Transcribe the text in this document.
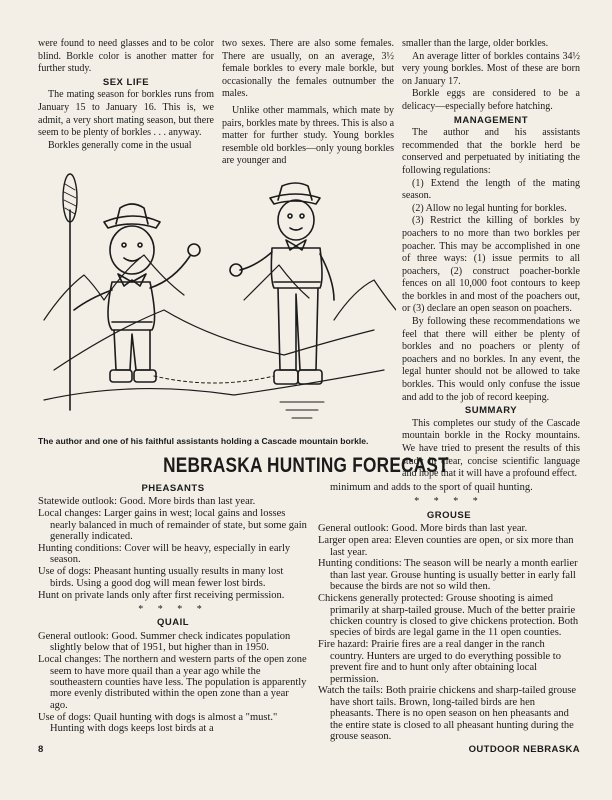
were found to need glasses and to be color blind. Borkle color is another matter for further study.

SEX LIFE

The mating season for borkles runs from January 15 to January 16. This is, we admit, a very short mating season, but there seem to be plenty of borkles . . . anyway.

Borkles generally come in the usual

two sexes. There are also some females. There are usually, on an average, 3½ female borkles to every male borkle, but occasionally the females outnumber the males.

Unlike other mammals, which mate by pairs, borkles mate by threes. This is also a matter for further study. Young borkles resemble old borkles—only young borkles are younger and

smaller than the large, older borkles.

An average litter of borkles contains 34½ very young borkles. Most of these are born on January 17.

Borkle eggs are considered to be a delicacy—especially before hatching.

MANAGEMENT

The author and his assistants recommended that the borkle herd be conserved and perpetuated by initiating the following regulations:

(1) Extend the length of the mating season.

(2) Allow no legal hunting for borkles.

(3) Restrict the killing of borkles by poachers to no more than two borkles per poacher. This may be accomplished in one of three ways: (1) issue permits to all poachers, (2) construct poacher-borkle fences on all 10,000 foot contours to keep the borkles in and most of the poachers out, or (3) declare an open season on poachers.

By following these recommendations we feel that there will either be plenty of borkles and no poachers or plenty of poachers and no borkles. In any event, the legal hunter should not be allowed to take borkles. This would only confuse the issue and add to the job of record keeping.

SUMMARY

This completes our study of the Cascade mountain borkle in the Rocky mountains. We have tried to present the results of this study in clear, concise scientific language and hope that it will have a profound effect.

The author and one of his faithful assistants holding a Cascade mountain borkle.
NEBRASKA HUNTING FORECAST
PHEASANTS
Statewide outlook: Good. More birds than last year.
Local changes: Larger gains in west; local gains and losses nearly balanced in much of remainder of state, but some gain generally indicated.
Hunting conditions: Cover will be heavy, especially in early season.
Use of dogs: Pheasant hunting usually results in many lost birds. Using a good dog will mean fewer lost birds.
Hunt on private lands only after first receiving permission.
* * * *
QUAIL
General outlook: Good. Summer check indicates population slightly below that of 1951, but higher than in 1950.
Local changes: The northern and western parts of the open zone seem to have more quail than a year ago while the southeastern counties have less. The population is apparently more evenly distributed within the open zone than a year ago.
Use of dogs: Quail hunting with dogs is almost a "must." Hunting with dogs keeps lost birds at a
minimum and adds to the sport of quail hunting.
* * * *
GROUSE
General outlook: Good. More birds than last year.
Larger open area: Eleven counties are open, or six more than last year.
Hunting conditions: The season will be nearly a month earlier than last year. Grouse hunting is usually better in early fall because the birds are not so wild then.
Chickens generally protected: Grouse shooting is aimed primarily at sharp-tailed grouse. Much of the better prairie chicken country is closed to give chickens protection. Both species of birds are legal game in the 11 open counties.
Fire hazard: Prairie fires are a real danger in the ranch country. Hunters are urged to do everything possible to prevent fire and to hunt only after obtaining local permission.
Watch the tails: Both prairie chickens and sharp-tailed grouse have short tails. Brown, long-tailed birds are hen pheasants. There is no open season on hen pheasants and the entire state is closed to all pheasant hunting during the grouse season.
8	OUTDOOR NEBRASKA
